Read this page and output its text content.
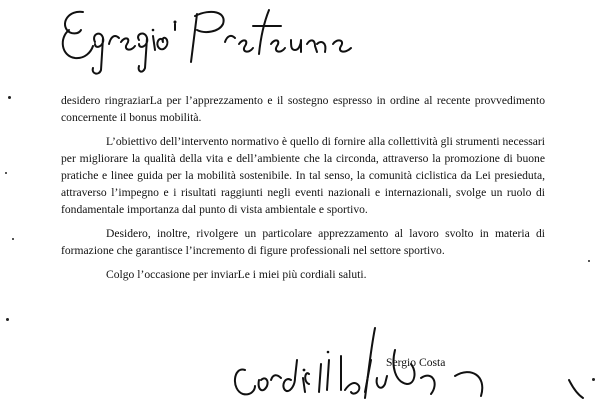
desidero ringraziarLa per l’apprezzamento e il sostegno espresso in ordine al recente provvedimento concernente il bonus mobilità.

L’obiettivo dell’intervento normativo è quello di fornire alla collettività gli strumenti necessari per migliorare la qualità della vita e dell’ambiente che la circonda, attraverso la promozione di buone pratiche e linee guida per la mobilità sostenibile. In tal senso, la comunità ciclistica da Lei presieduta, attraverso l’impegno e i risultati raggiunti negli eventi nazionali e internazionali, svolge un ruolo di fondamentale importanza dal punto di vista ambientale e sportivo.

Desidero, inoltre, rivolgere un particolare apprezzamento al lavoro svolto in materia di formazione che garantisce l’incremento di figure professionali nel settore sportivo.

Colgo l’occasione per inviarLe i miei più cordiali saluti.

Sergio Costa
